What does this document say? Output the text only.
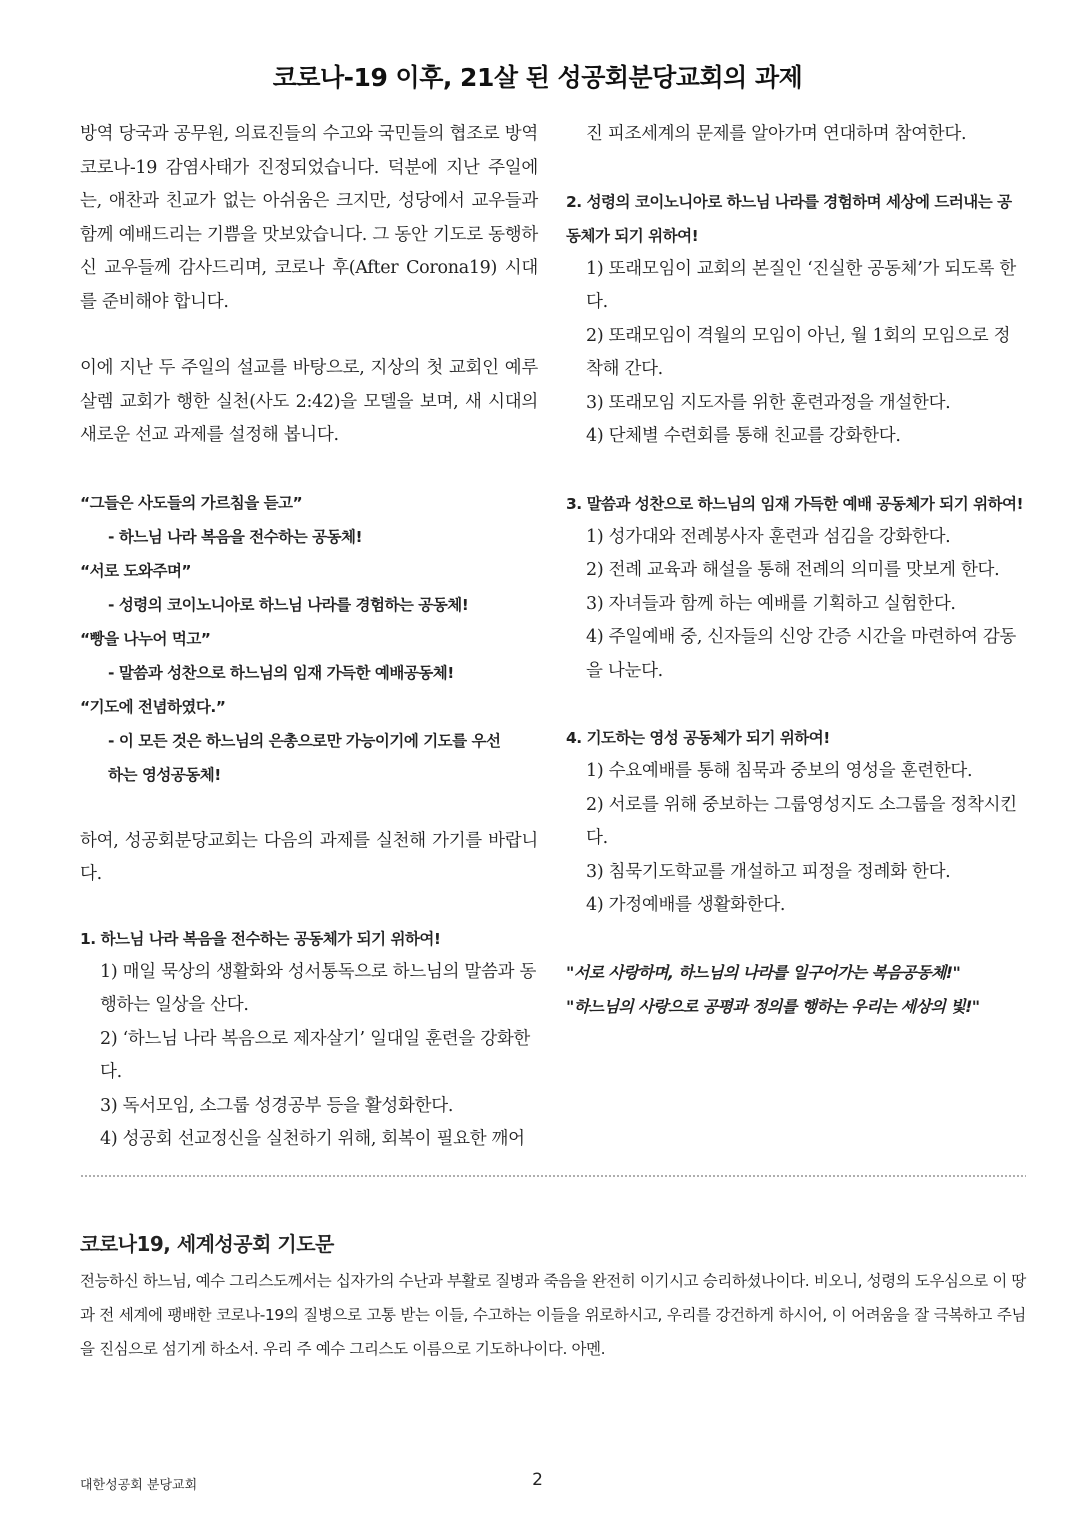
코로나-19 이후, 21살 된 성공회분당교회의 과제

방역 당국과 공무원, 의료진들의 수고와 국민들의 협조로 방역코로나-19 감염사태가 진정되었습니다. 덕분에 지난 주일에는, 애찬과 친교가 없는 아쉬움은 크지만, 성당에서 교우들과 함께 예배드리는 기쁨을 맛보았습니다. 그 동안 기도로 동행하신 교우들께 감사드리며, 코로나 후(After Corona19) 시대를 준비해야 합니다.

이에 지난 두 주일의 설교를 바탕으로, 지상의 첫 교회인 예루살렘 교회가 행한 실천(사도 2:42)을 모델을 보며, 새 시대의 새로운 선교 과제를 설정해 봅니다.

“그들은 사도들의 가르침을 듣고”

- 하느님 나라 복음을 전수하는 공동체!

“서로 도와주며”

- 성령의 코이노니아로 하느님 나라를 경험하는 공동체!

“빵을 나누어 먹고”

- 말씀과 성찬으로 하느님의 임재 가득한 예배공동체!

“기도에 전념하였다.”

- 이 모든 것은 하느님의 은총으로만 가능이기에 기도를 우선

하는 영성공동체!

하여, 성공회분당교회는 다음의 과제를 실천해 가기를 바랍니다.

1. 하느님 나라 복음을 전수하는 공동체가 되기 위하여!

1) 매일 묵상의 생활화와 성서통독으로 하느님의 말씀과 동행하는 일상을 산다.

2) ‘하느님 나라 복음으로 제자살기’ 일대일 훈련을 강화한다.

3) 독서모임, 소그룹 성경공부 등을 활성화한다.

4) 성공회 선교정신을 실천하기 위해, 회복이 필요한 깨어

진 피조세계의 문제를 알아가며 연대하며 참여한다.

2. 성령의 코이노니아로 하느님 나라를 경험하며 세상에 드러내는 공동체가 되기 위하여!

1) 또래모임이 교회의 본질인 ‘진실한 공동체’가 되도록 한다.

2) 또래모임이 격월의 모임이 아닌, 월 1회의 모임으로 정착해 간다.

3) 또래모임 지도자를 위한 훈련과정을 개설한다.

4) 단체별 수련회를 통해 친교를 강화한다.

3. 말씀과 성찬으로 하느님의 임재 가득한 예배 공동체가 되기 위하여!

1) 성가대와 전례봉사자 훈련과 섬김을 강화한다.

2) 전례 교육과 해설을 통해 전례의 의미를 맛보게 한다.

3) 자녀들과 함께 하는 예배를 기획하고 실험한다.

4) 주일예배 중, 신자들의 신앙 간증 시간을 마련하여 감동을 나눈다.

4. 기도하는 영성 공동체가 되기 위하여!

1) 수요예배를 통해 침묵과 중보의 영성을 훈련한다.

2) 서로를 위해 중보하는 그룹영성지도 소그룹을 정착시킨다.

3) 침묵기도학교를 개설하고 피정을 정례화 한다.

4) 가정예배를 생활화한다.

"서로 사랑하며, 하느님의 나라를 일구어가는 복음공동체!"

"하느님의 사랑으로 공평과 정의를 행하는 우리는 세상의 빛!"

코로나19, 세계성공회 기도문

전능하신 하느님, 예수 그리스도께서는 십자가의 수난과 부활로 질병과 죽음을 완전히 이기시고 승리하셨나이다. 비오니, 성령의 도우심으로 이 땅과 전 세계에 팽배한 코로나-19의 질병으로 고통 받는 이들, 수고하는 이들을 위로하시고, 우리를 강건하게 하시어, 이 어려움을 잘 극복하고 주님을 진심으로 섬기게 하소서. 우리 주 예수 그리스도 이름으로 기도하나이다. 아멘.

대한성공회 분당교회	2
